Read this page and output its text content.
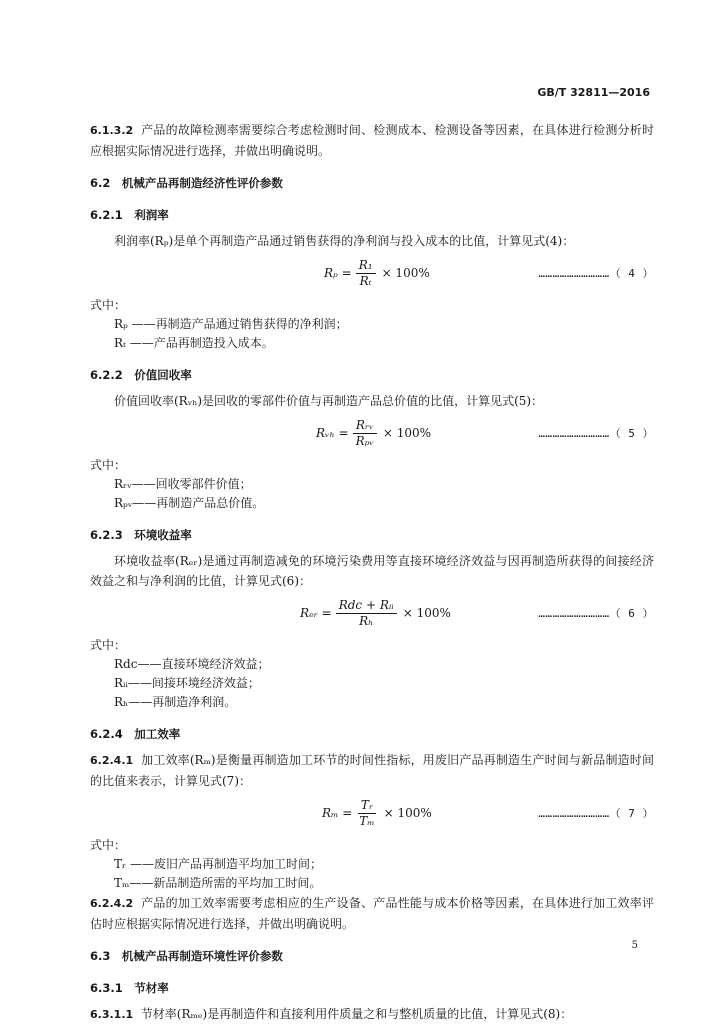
GB/T 32811—2016

6.1.3.2 产品的故障检测率需要综合考虑检测时间、检测成本、检测设备等因素，在具体进行检测分析时应根据实际情况进行选择，并做出明确说明。

6.2　机械产品再制造经济性评价参数

6.2.1　利润率

利润率(Rₚ)是单个再制造产品通过销售获得的净利润与投入成本的比值，计算见式(4)：

$R_p = \frac{\text{R₁}}{\text{Rₜ}} \times 100\%$	…………………………（ 4 ）

式中：

Rₚ ——再制造产品通过销售获得的净利润；

Rₜ ——产品再制造投入成本。

6.2.2　价值回收率

价值回收率(Rᵥₕ)是回收的零部件价值与再制造产品总价值的比值，计算见式(5)：

Rᵥₕ = $\frac{\text{Rᵣᵥ}}{\text{Rₚᵥ}} \times 100\%$	…………………………（ 5 ）

式中：

Rᵣᵥ——回收零部件价值；

Rₚᵥ——再制造产品总价值。

6.2.3　环境收益率

环境收益率(Rₑᵣ)是通过再制造减免的环境污染费用等直接环境经济效益与因再制造所获得的间接经济效益之和与净利润的比值，计算见式(6)：

Rₑᵣ = $\frac{\text{Rdc + Rᵢᵢ}}{\text{Rₕ}} \times 100\%$	…………………………（ 6 ）

式中：

Rdc——直接环境经济效益；

Rᵢᵢ——间接环境经济效益；

Rₕ——再制造净利润。

6.2.4　加工效率

6.2.4.1 加工效率(Rₘ)是衡量再制造加工环节的时间性指标，用废旧产品再制造生产时间与新品制造时间的比值来表示，计算见式(7)：

$R_m = \frac{\text{Tᵣ}}{\text{Tₘ}} \times 100\%$	…………………………（ 7 ）

式中：

Tᵣ ——废旧产品再制造平均加工时间；

Tₘ——新品制造所需的平均加工时间。

6.2.4.2 产品的加工效率需要考虑相应的生产设备、产品性能与成本价格等因素，在具体进行加工效率评估时应根据实际情况进行选择，并做出明确说明。

6.3　机械产品再制造环境性评价参数

6.3.1　节材率

6.3.1.1 节材率(Rₘₑ)是再制造件和直接利用件质量之和与整机质量的比值，计算见式(8)：

5
